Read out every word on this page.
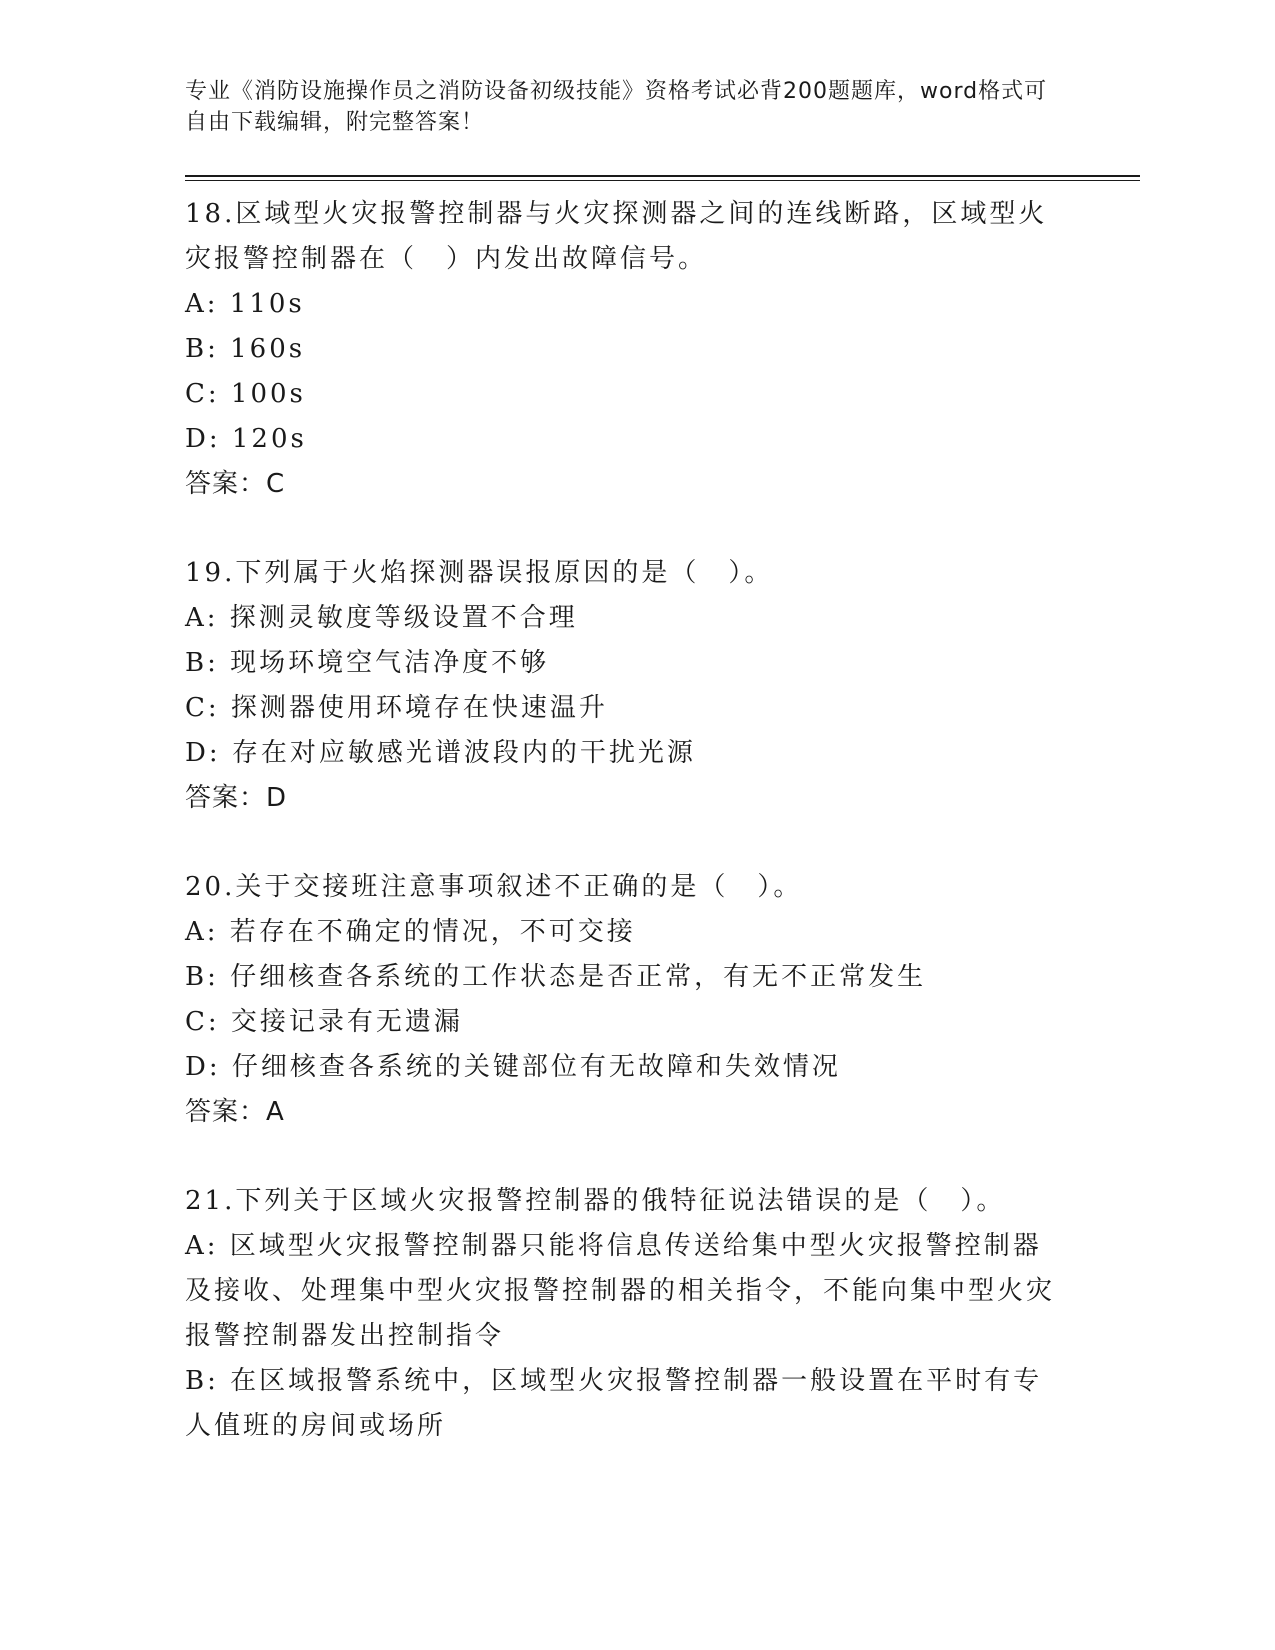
专业《消防设施操作员之消防设备初级技能》资格考试必背200题题库，word格式可自由下载编辑，附完整答案！

18.区域型火灾报警控制器与火灾探测器之间的连线断路，区域型火灾报警控制器在（　）内发出故障信号。

A: 110s

B: 160s

C: 100s

D: 120s

答案：C

19.下列属于火焰探测器误报原因的是（　）。

A: 探测灵敏度等级设置不合理

B: 现场环境空气洁净度不够

C: 探测器使用环境存在快速温升

D: 存在对应敏感光谱波段内的干扰光源

答案：D

20.关于交接班注意事项叙述不正确的是（　）。

A: 若存在不确定的情况，不可交接

B: 仔细核查各系统的工作状态是否正常，有无不正常发生

C: 交接记录有无遗漏

D: 仔细核查各系统的关键部位有无故障和失效情况

答案：A

21.下列关于区域火灾报警控制器的俄特征说法错误的是（　）。

A: 区域型火灾报警控制器只能将信息传送给集中型火灾报警控制器及接收、处理集中型火灾报警控制器的相关指令，不能向集中型火灾报警控制器发出控制指令

B: 在区域报警系统中，区域型火灾报警控制器一般设置在平时有专人值班的房间或场所
